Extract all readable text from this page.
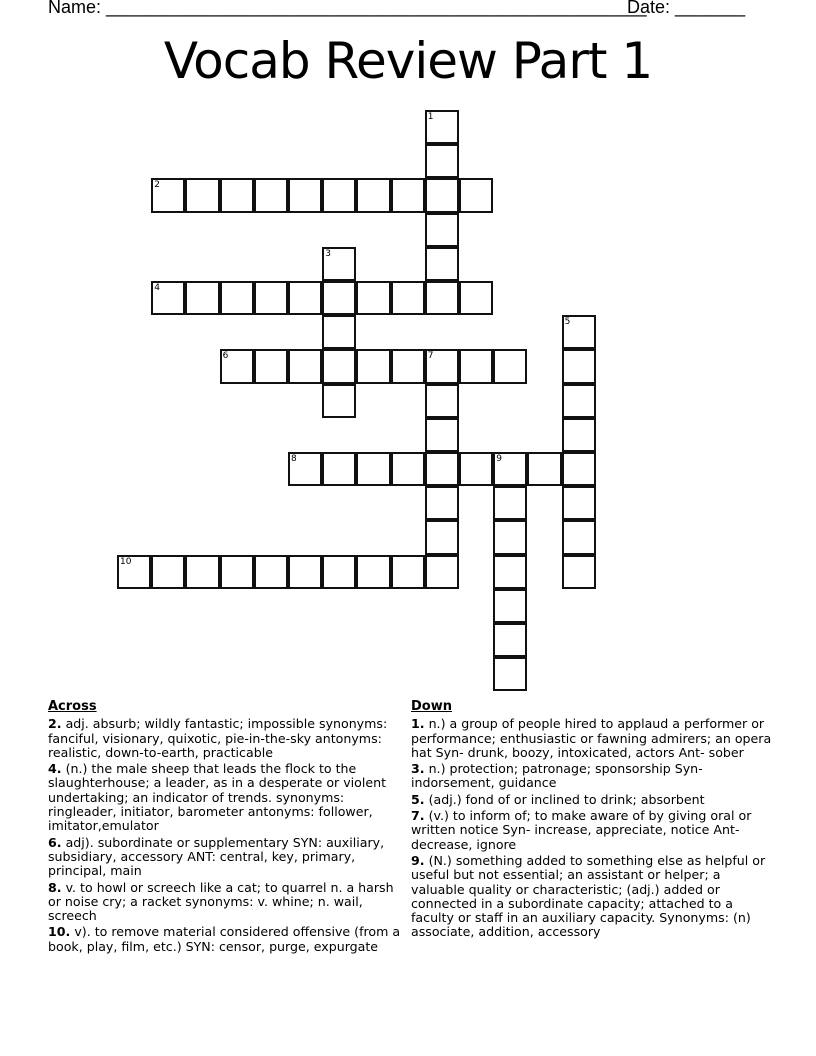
Name: ______________________________________________________
Date: _______
Vocab Review Part 1
1
2
3
4
5
6	7
8	9
10
Across
2. adj. absurb; wildly fantastic; impossible synonyms: fanciful, visionary, quixotic, pie-in-the-sky antonyms: realistic, down-to-earth, practicable
4. (n.) the male sheep that leads the flock to the slaughterhouse; a leader, as in a desperate or violent undertaking; an indicator of trends. synonyms: ringleader, initiator, barometer antonyms: follower, imitator,emulator
6. adj). subordinate or supplementary SYN: auxiliary, subsidiary, accessory ANT: central, key, primary, principal, main
8. v. to howl or screech like a cat; to quarrel n. a harsh or noise cry; a racket synonyms: v. whine; n. wail, screech
10. v). to remove material considered offensive (from a book, play, film, etc.) SYN: censor, purge, expurgate
Down
1. n.) a group of people hired to applaud a performer or performance; enthusiastic or fawning admirers; an opera hat Syn- drunk, boozy, intoxicated, actors Ant- sober
3. n.) protection; patronage; sponsorship Syn- indorsement, guidance
5. (adj.) fond of or inclined to drink; absorbent
7. (v.) to inform of; to make aware of by giving oral or written notice Syn- increase, appreciate, notice Ant- decrease, ignore
9. (N.) something added to something else as helpful or useful but not essential; an assistant or helper; a valuable quality or characteristic; (adj.) added or connected in a subordinate capacity; attached to a faculty or staff in an auxiliary capacity. Synonyms: (n) associate, addition, accessory
